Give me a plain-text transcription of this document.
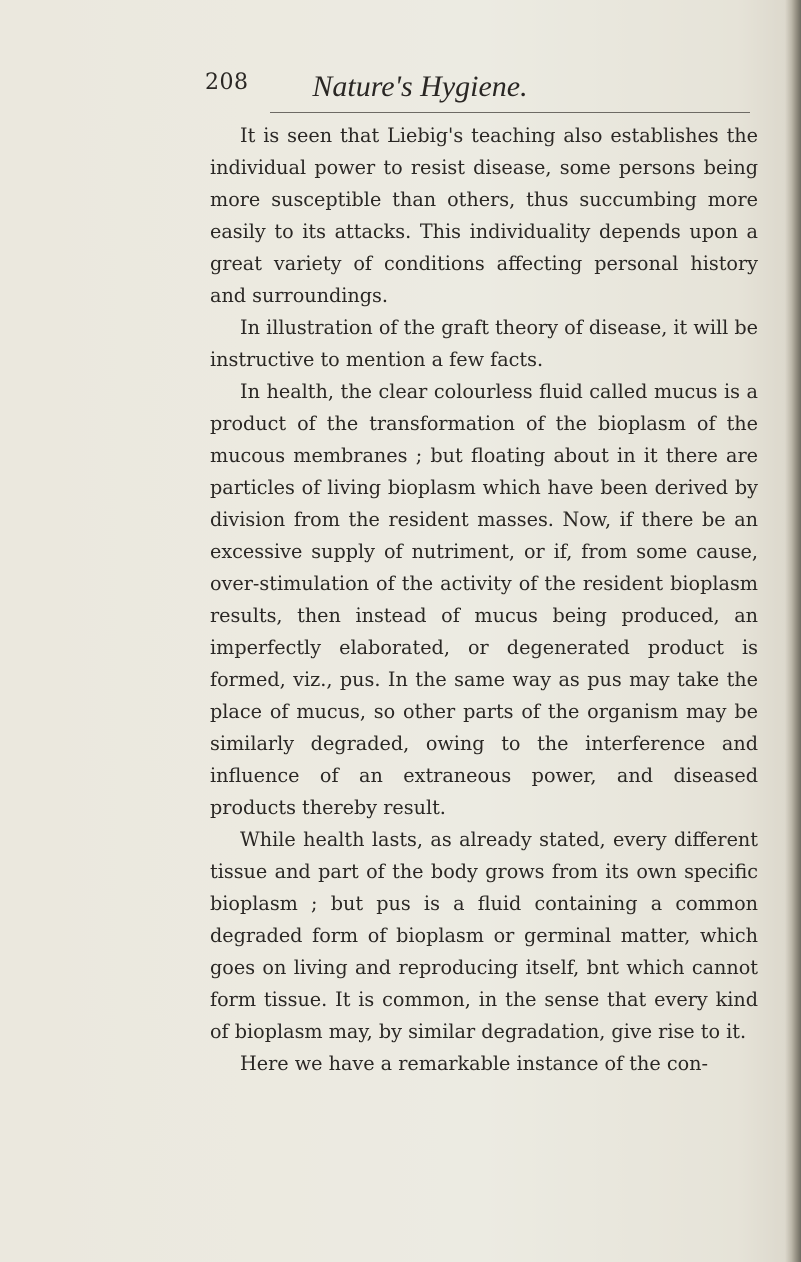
208	Nature's Hygiene.

It is seen that Liebig's teaching also establishes the individual power to resist disease, some persons being more susceptible than others, thus succumbing more easily to its attacks. This individuality depends upon a great variety of conditions affecting personal history and surroundings.

In illustration of the graft theory of disease, it will be instructive to mention a few facts.

In health, the clear colourless fluid called mucus is a product of the transformation of the bioplasm of the mucous membranes ; but floating about in it there are particles of living bioplasm which have been derived by division from the resident masses. Now, if there be an excessive supply of nutriment, or if, from some cause, over-stimulation of the activity of the resident bioplasm results, then instead of mucus being produced, an imperfectly elaborated, or degenerated product is formed, viz., pus. In the same way as pus may take the place of mucus, so other parts of the organism may be similarly degraded, owing to the interference and influence of an extraneous power, and diseased products thereby result.

While health lasts, as already stated, every different tissue and part of the body grows from its own specific bioplasm ; but pus is a fluid containing a common degraded form of bioplasm or germinal matter, which goes on living and reproducing itself, bnt which cannot form tissue. It is common, in the sense that every kind of bioplasm may, by similar degradation, give rise to it.

Here we have a remarkable instance of the con-
